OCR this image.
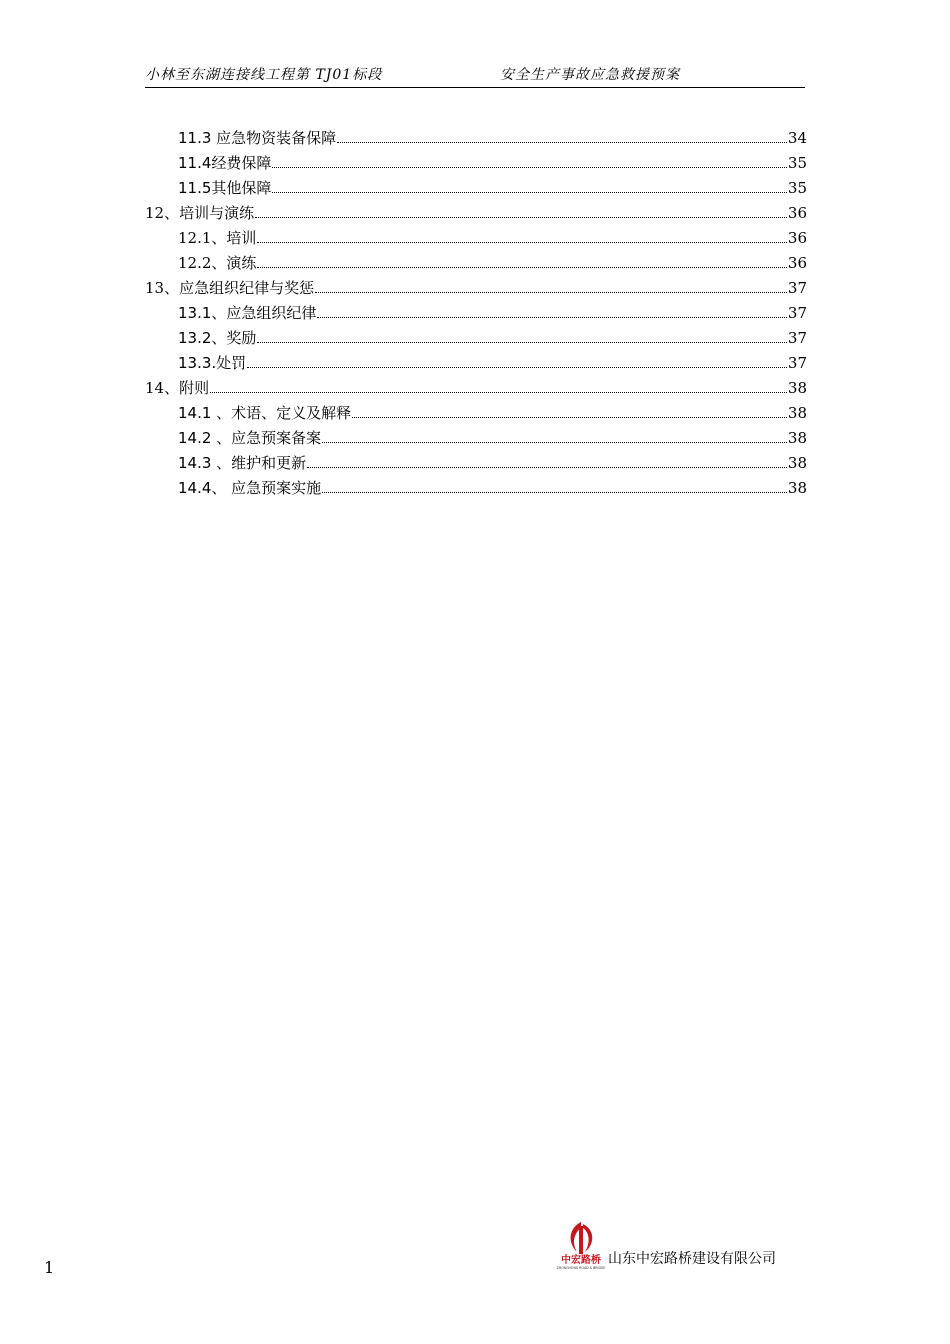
小林至东湖连接线工程第 TJ01标段	安全生产事故应急救援预案
11.3 应急物资装备保障	34
11.4经费保障	35
11.5其他保障	35
12、培训与演练	36
12.1、培训	36
12.2、演练	36
13、应急组织纪律与奖惩	37
13.1、应急组织纪律	37
13.2、奖励	37
13.3.处罚	37
14、附则	38
14.1 、术语、定义及解释	38
14.2 、应急预案备案	38
14.3 、维护和更新	38
14.4、 应急预案实施	38
1	中宏路桥
ZHONGHONG ROAD & BRIDGE
山东中宏路桥建设有限公司
